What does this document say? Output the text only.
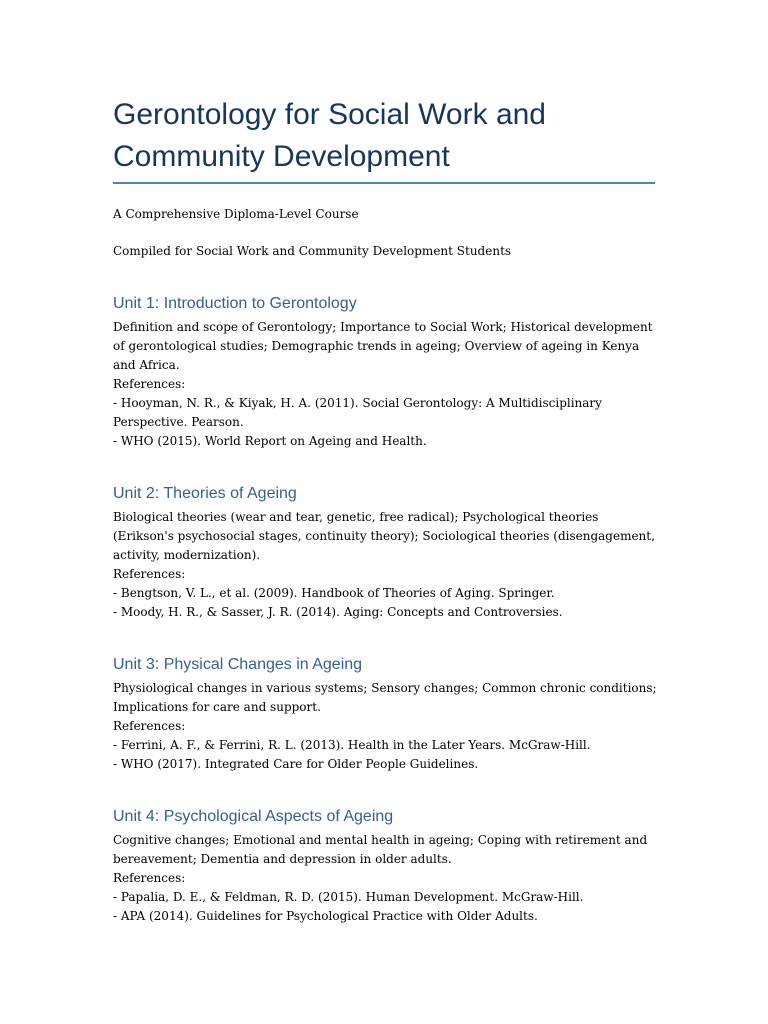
Gerontology for Social Work and Community Development

A Comprehensive Diploma-Level Course

Compiled for Social Work and Community Development Students

Unit 1: Introduction to Gerontology

Definition and scope of Gerontology; Importance to Social Work; Historical development of gerontological studies; Demographic trends in ageing; Overview of ageing in Kenya and Africa.

References:

- Hooyman, N. R., & Kiyak, H. A. (2011). Social Gerontology: A Multidisciplinary Perspective. Pearson.

- WHO (2015). World Report on Ageing and Health.

Unit 2: Theories of Ageing

Biological theories (wear and tear, genetic, free radical); Psychological theories (Erikson's psychosocial stages, continuity theory); Sociological theories (disengagement, activity, modernization).

References:

- Bengtson, V. L., et al. (2009). Handbook of Theories of Aging. Springer.

- Moody, H. R., & Sasser, J. R. (2014). Aging: Concepts and Controversies.

Unit 3: Physical Changes in Ageing

Physiological changes in various systems; Sensory changes; Common chronic conditions; Implications for care and support.

References:

- Ferrini, A. F., & Ferrini, R. L. (2013). Health in the Later Years. McGraw-Hill.

- WHO (2017). Integrated Care for Older People Guidelines.

Unit 4: Psychological Aspects of Ageing

Cognitive changes; Emotional and mental health in ageing; Coping with retirement and bereavement; Dementia and depression in older adults.

References:

- Papalia, D. E., & Feldman, R. D. (2015). Human Development. McGraw-Hill.

- APA (2014). Guidelines for Psychological Practice with Older Adults.
